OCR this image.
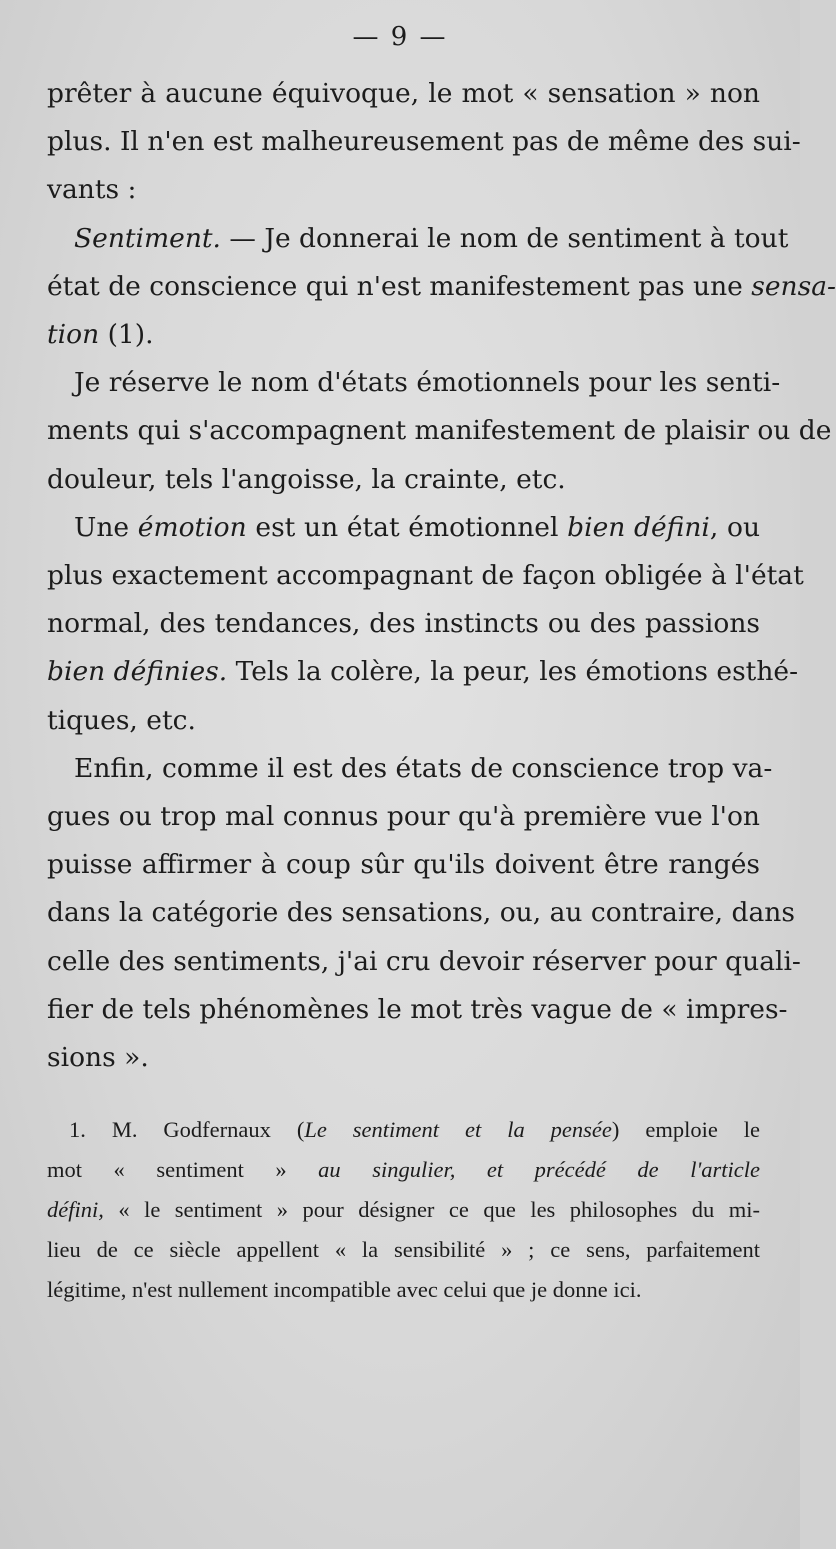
— 9 —
prêter à aucune équivoque, le mot « sensation » non
plus. Il n'en est malheureusement pas de même des sui-
vants :
Sentiment. — Je donnerai le nom de sentiment à tout
état de conscience qui n'est manifestement pas une sensa-
tion (1).
Je réserve le nom d'états émotionnels pour les senti-
ments qui s'accompagnent manifestement de plaisir ou de
douleur, tels l'angoisse, la crainte, etc.
Une émotion est un état émotionnel bien défini, ou
plus exactement accompagnant de façon obligée à l'état
normal, des tendances, des instincts ou des passions
bien définies. Tels la colère, la peur, les émotions esthé-
tiques, etc.
Enfin, comme il est des états de conscience trop va-
gues ou trop mal connus pour qu'à première vue l'on
puisse affirmer à coup sûr qu'ils doivent être rangés
dans la catégorie des sensations, ou, au contraire, dans
celle des sentiments, j'ai cru devoir réserver pour quali-
fier de tels phénomènes le mot très vague de « impres-
sions ».
1. M. Godfernaux (Le sentiment et la pensée) emploie le
mot « sentiment » au singulier, et précédé de l'article
défini, « le sentiment » pour désigner ce que les philosophes du mi-
lieu de ce siècle appellent « la sensibilité » ; ce sens, parfaitement
légitime, n'est nullement incompatible avec celui que je donne ici.
